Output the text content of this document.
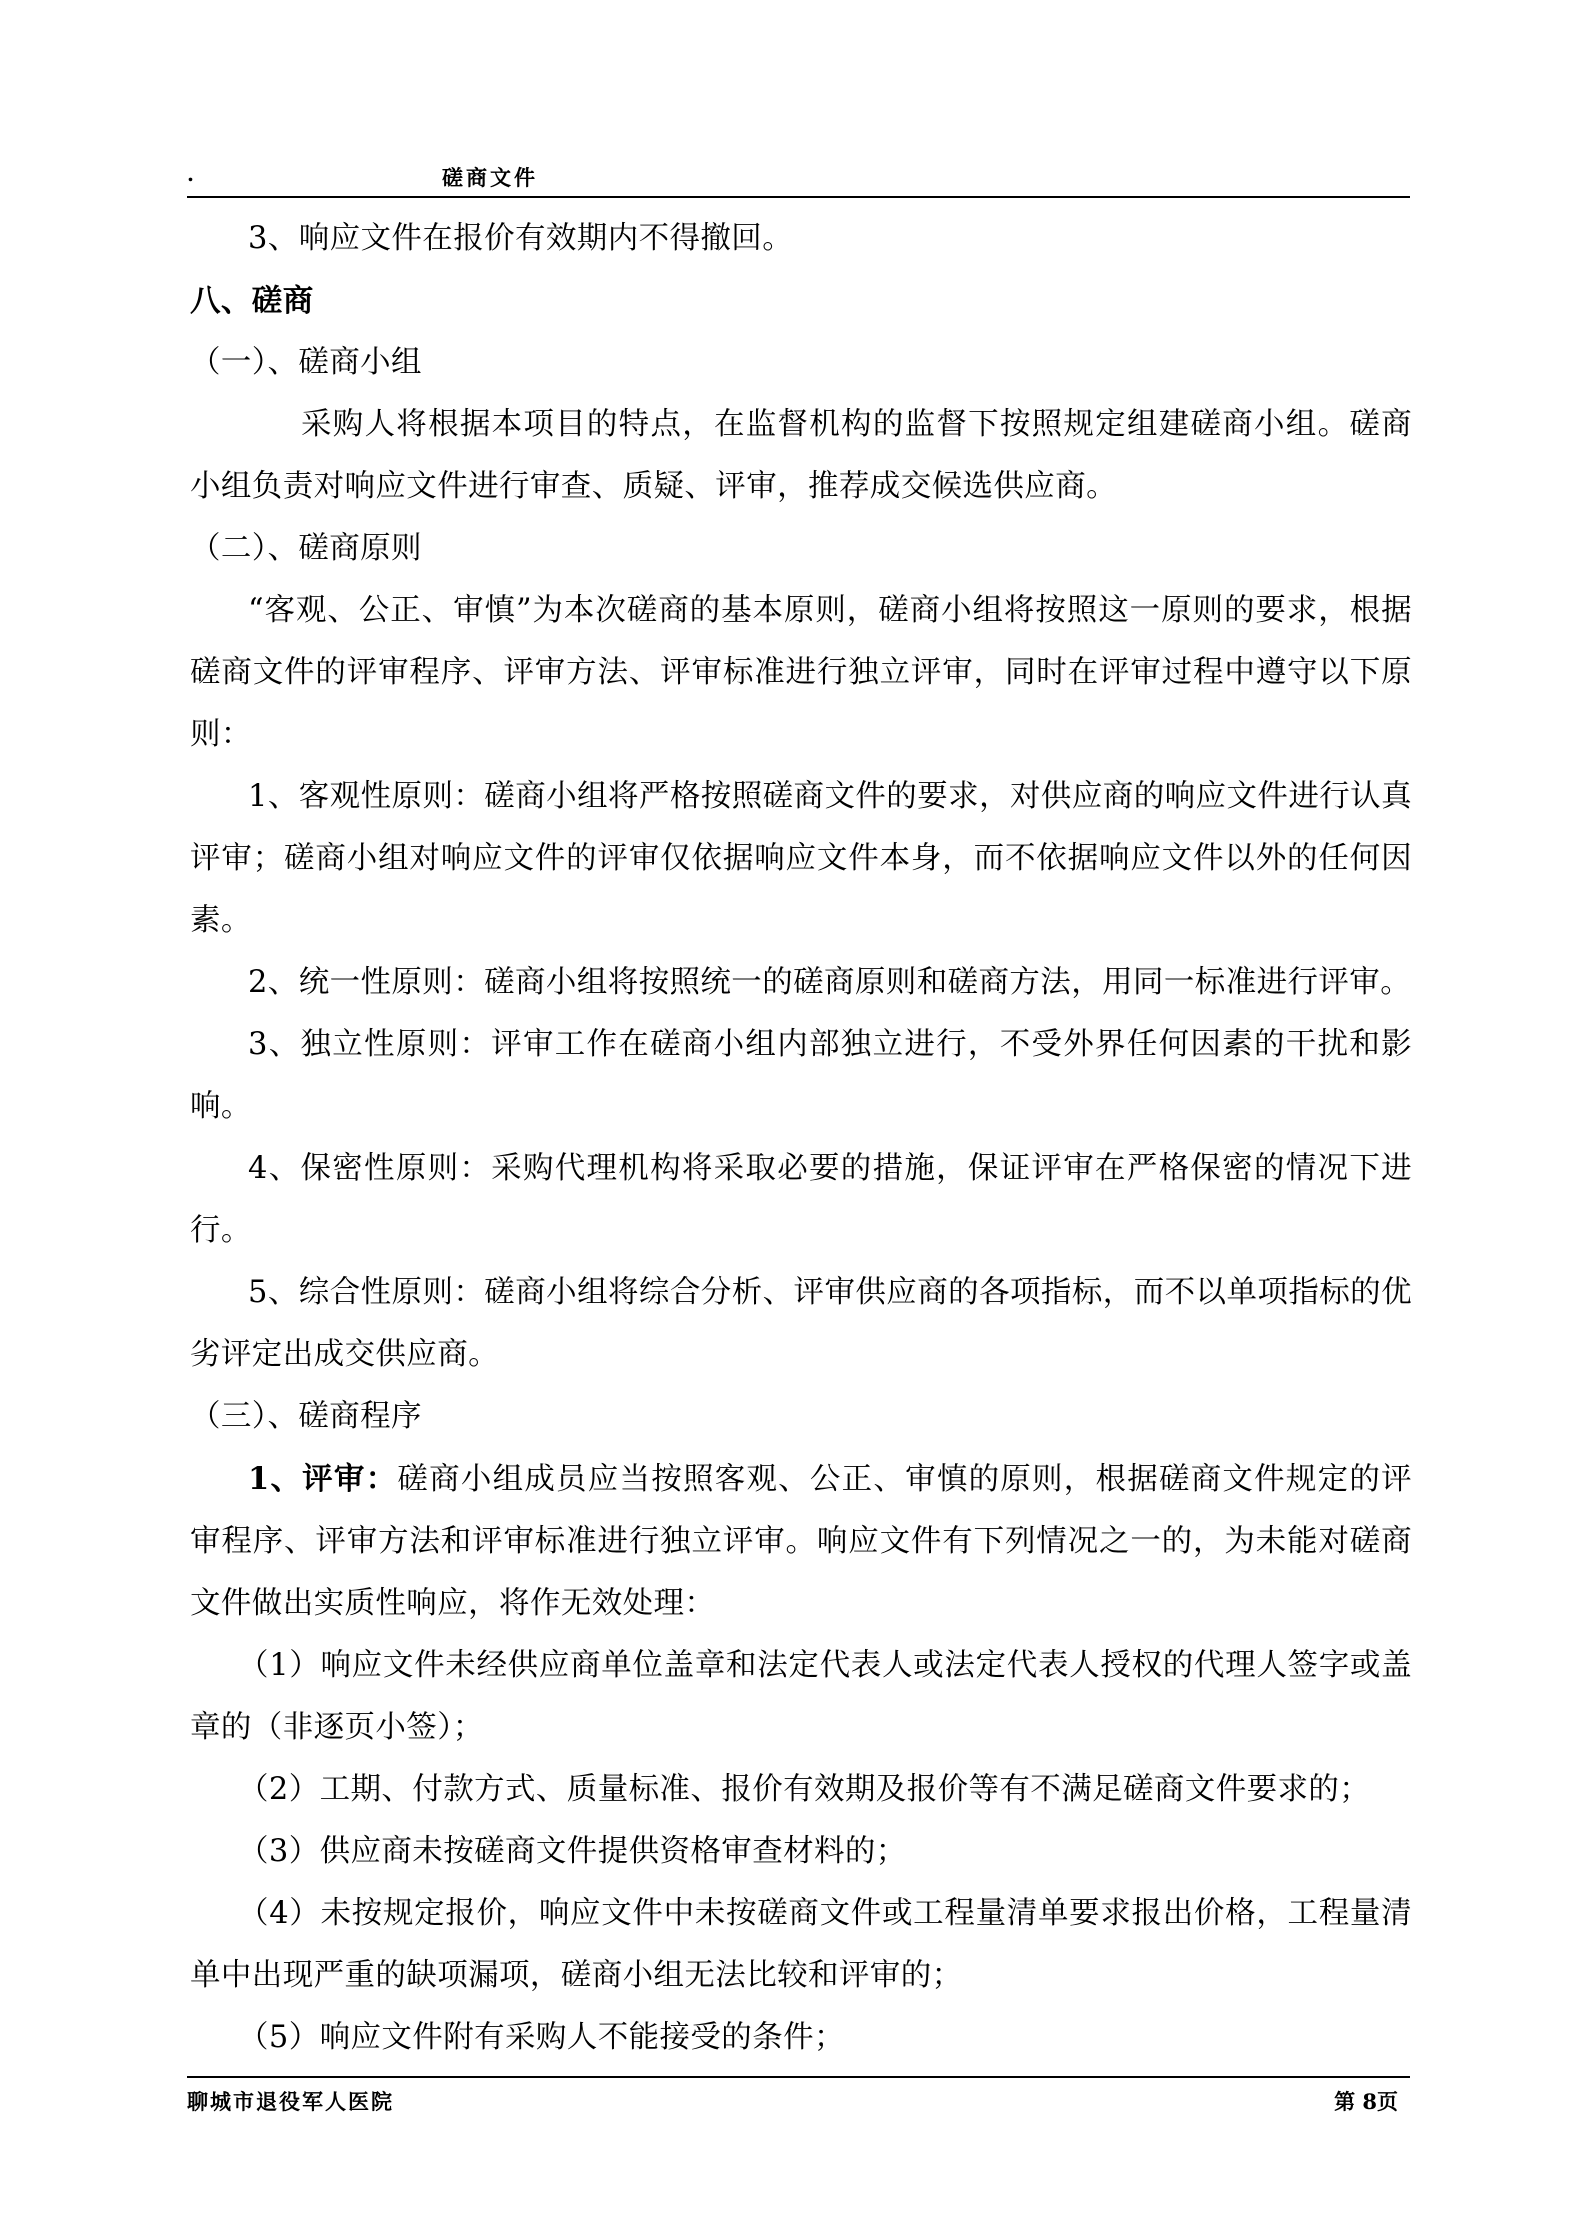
.	磋商文件

3、响应文件在报价有效期内不得撤回。

八、磋商

（一）、磋商小组

采购人将根据本项目的特点，在监督机构的监督下按照规定组建磋商小组。磋商小组负责对响应文件进行审查、质疑、评审，推荐成交候选供应商。

（二）、磋商原则

“客观、公正、审慎”为本次磋商的基本原则，磋商小组将按照这一原则的要求，根据磋商文件的评审程序、评审方法、评审标准进行独立评审，同时在评审过程中遵守以下原则：

1、客观性原则：磋商小组将严格按照磋商文件的要求，对供应商的响应文件进行认真评审；磋商小组对响应文件的评审仅依据响应文件本身，而不依据响应文件以外的任何因素。

2、统一性原则：磋商小组将按照统一的磋商原则和磋商方法，用同一标准进行评审。

3、独立性原则：评审工作在磋商小组内部独立进行，不受外界任何因素的干扰和影响。

4、保密性原则：采购代理机构将采取必要的措施，保证评审在严格保密的情况下进行。

5、综合性原则：磋商小组将综合分析、评审供应商的各项指标，而不以单项指标的优劣评定出成交供应商。

（三）、磋商程序

1、评审：磋商小组成员应当按照客观、公正、审慎的原则，根据磋商文件规定的评审程序、评审方法和评审标准进行独立评审。响应文件有下列情况之一的，为未能对磋商文件做出实质性响应，将作无效处理：

（1）响应文件未经供应商单位盖章和法定代表人或法定代表人授权的代理人签字或盖章的（非逐页小签）；

（2）工期、付款方式、质量标准、报价有效期及报价等有不满足磋商文件要求的；

（3）供应商未按磋商文件提供资格审查材料的；

（4）未按规定报价，响应文件中未按磋商文件或工程量清单要求报出价格，工程量清单中出现严重的缺项漏项，磋商小组无法比较和评审的；

（5）响应文件附有采购人不能接受的条件；

聊城市退役军人医院	第 8页
